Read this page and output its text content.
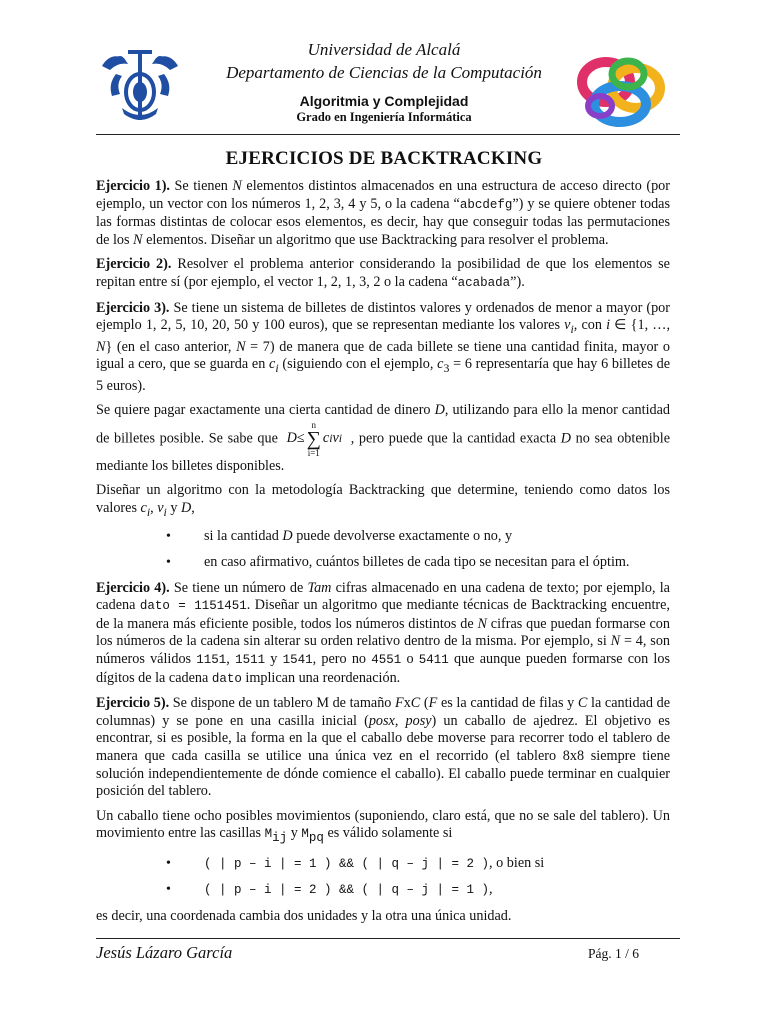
Universidad de Alcalá
Departamento de Ciencias de la Computación
Algoritmia y Complejidad
Grado en Ingeniería Informática
EJERCICIOS DE BACKTRACKING

Ejercicio 1). Se tienen N elementos distintos almacenados en una estructura de acceso directo (por ejemplo, un vector con los números 1, 2, 3, 4 y 5, o la cadena “abcdefg”) y se quiere obtener todas las formas distintas de colocar esos elementos, es decir, hay que conseguir todas las permutaciones de los N elementos. Diseñar un algoritmo que use Backtracking para resolver el problema.

Ejercicio 2). Resolver el problema anterior considerando la posibilidad de que los elementos se repitan entre sí (por ejemplo, el vector 1, 2, 1, 3, 2 o la cadena “acabada”).

Ejercicio 3). Se tiene un sistema de billetes de distintos valores y ordenados de menor a mayor (por ejemplo 1, 2, 5, 10, 20, 50 y 100 euros), que se representan mediante los valores $v_i$, con i ∈ {1, …, N} (en el caso anterior, N = 7) de manera que de cada billete se tiene una cantidad finita, mayor o igual a cero, que se guarda en $c_i$ (siguiendo con el ejemplo, $c_3 = 6$ representaría que hay 6 billetes de 5 euros).

Se quiere pagar exactamente una cierta cantidad de dinero D, utilizando para ello la menor cantidad de billetes posible. Se sabe que D ≤
n
∑
i=1
c i v i , pero puede que la cantidad exacta D no sea obtenible mediante los billetes disponibles.

Diseñar un algoritmo con la metodología Backtracking que determine, teniendo como datos los valores $c_i$, $v_i$ y D,

• si la cantidad D puede devolverse exactamente o no, y
• en caso afirmativo, cuántos billetes de cada tipo se necesitan para el óptim.

Ejercicio 4). Se tiene un número de Tam cifras almacenado en una cadena de texto; por ejemplo, la cadena dato = 1151451. Diseñar un algoritmo que mediante técnicas de Backtracking encuentre, de la manera más eficiente posible, todos los números distintos de N cifras que puedan formarse con los números de la cadena sin alterar su orden relativo dentro de la misma. Por ejemplo, si N = 4, son números válidos 1151, 1511 y 1541, pero no 4551 o 5411 que aunque pueden formarse con los dígitos de la cadena dato implican una reordenación.

Ejercicio 5). Se dispone de un tablero M de tamaño FxC (F es la cantidad de filas y C la cantidad de columnas) y se pone en una casilla inicial (posx, posy) un caballo de ajedrez. El objetivo es encontrar, si es posible, la forma en la que el caballo debe moverse para recorrer todo el tablero de manera que cada casilla se utilice una única vez en el recorrido (el tablero 8x8 siempre tiene solución independientemente de dónde comience el caballo). El caballo puede terminar en cualquier posición del tablero.

Un caballo tiene ocho posibles movimientos (suponiendo, claro está, que no se sale del tablero). Un movimiento entre las casillas $M_{ij}$ y $M_{pq}$ es válido solamente si

• ( | p – i | = 1 ) && ( | q – j | = 2 ), o bien si
• ( | p – i | = 2 ) && ( | q – j | = 1 ),

es decir, una coordenada cambia dos unidades y la otra una única unidad.

Jesús Lázaro García	Pág. 1 / 6
